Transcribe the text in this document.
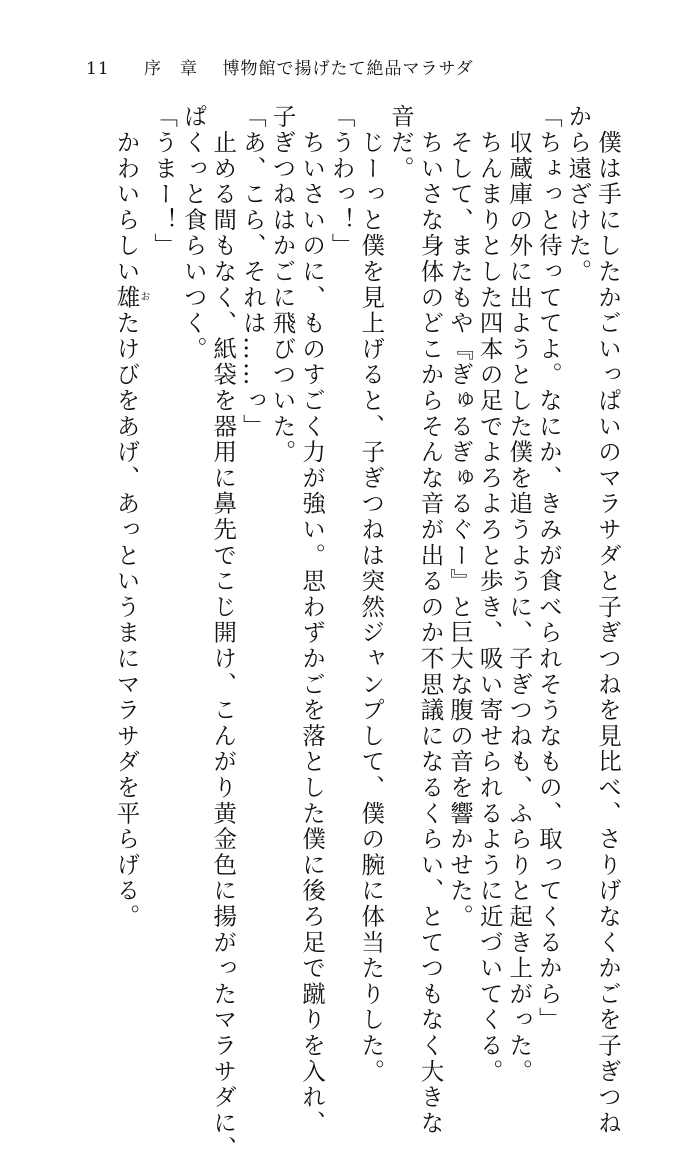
11 序　章 博物館で揚げたて絶品マラサダ
　僕は手にしたかごいっぱいのマラサダと子ぎつねを見比べ、さりげなくかごを子ぎつね
から遠ざけた。
「ちょっと待っててよ。なにか、きみが食べられそうなもの、取ってくるから」
　収蔵庫の外に出ようとした僕を追うように、子ぎつねも、ふらりと起き上がった。
　ちんまりとした四本の足でよろよろと歩き、吸い寄せられるように近づいてくる。
　そして、またもや『ぎゅるぎゅるぐー』と巨大な腹の音を響かせた。
　ちいさな身体のどこからそんな音が出るのか不思議になるくらい、とてつもなく大きな
音だ。
　じーっと僕を見上げると、子ぎつねは突然ジャンプして、僕の腕に体当たりした。
「うわっ！」
　ちいさいのに、ものすごく力が強い。思わずかごを落とした僕に後ろ足で蹴りを入れ、
子ぎつねはかごに飛びついた。
「あ、こら、それは……っ」
　止める間もなく、紙袋を器用に鼻先でこじ開け、こんがり黄金色に揚がったマラサダに、
ぱくっと食らいつく。
「うまー！」
　かわいらしい雄おたけびをあげ、あっというまにマラサダを平らげる。
